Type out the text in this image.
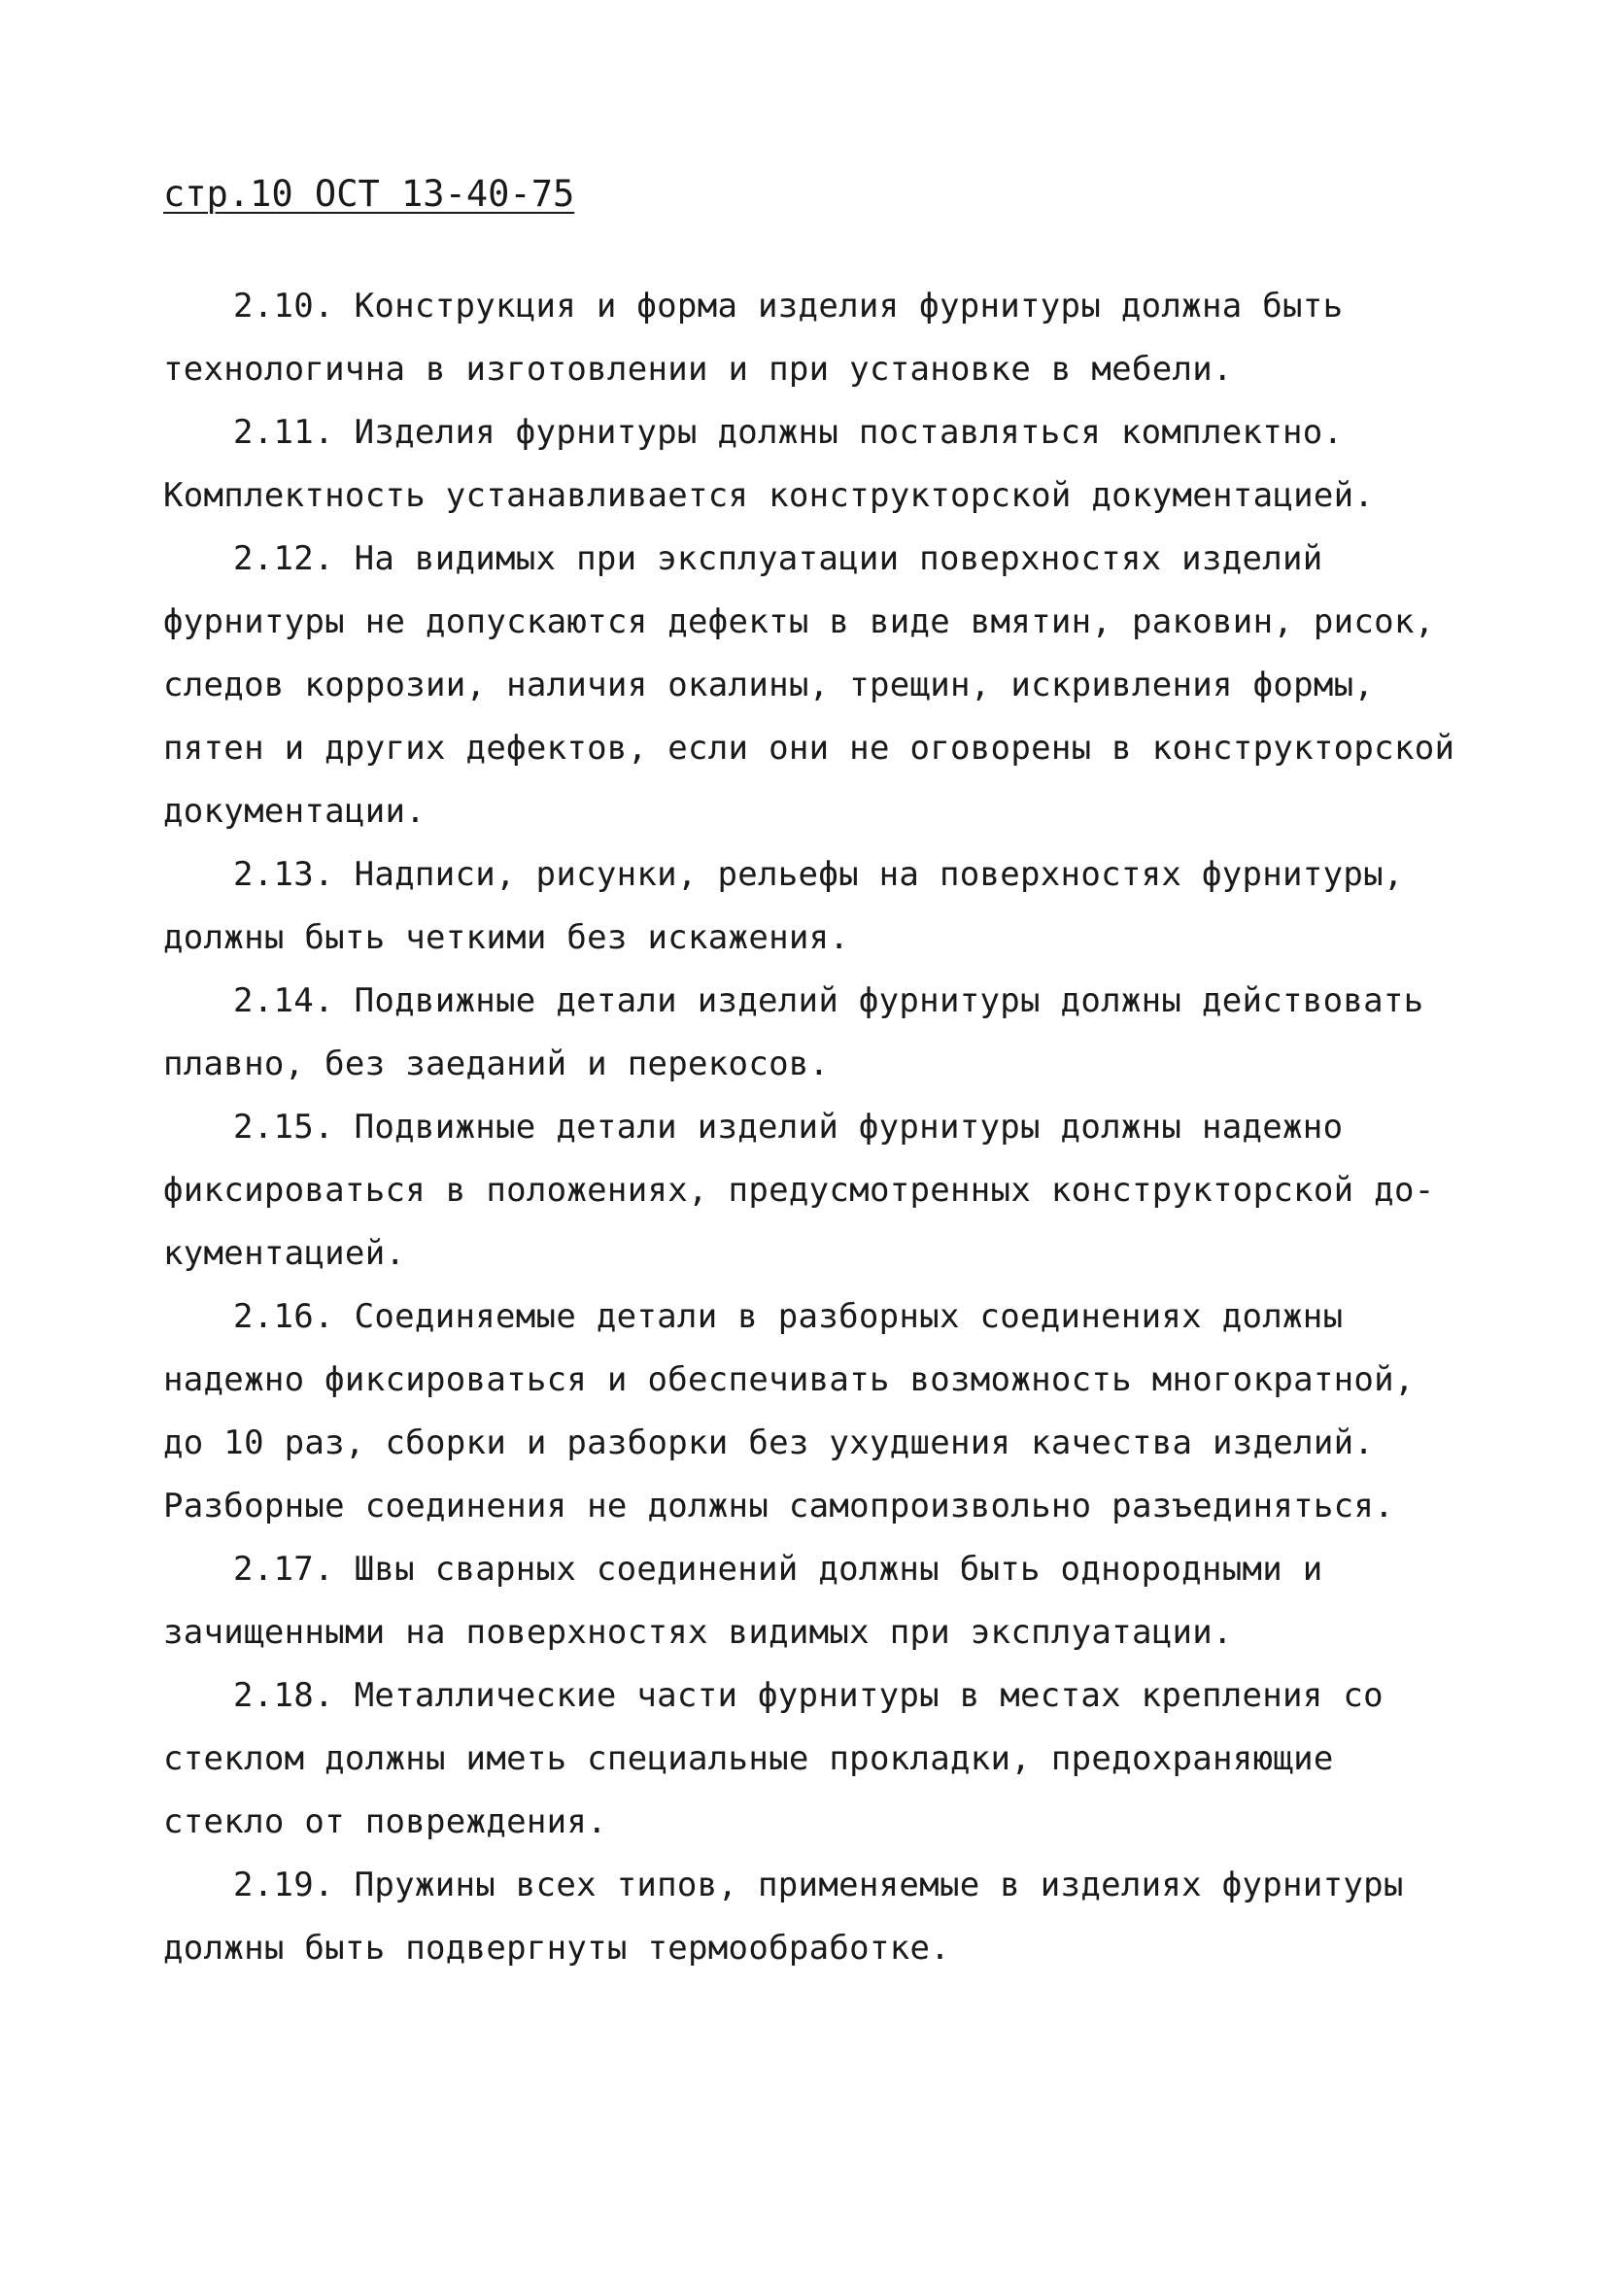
стр.10 ОСТ 13-40-75
2.10. Конструкция и форма изделия фурнитуры должна быть
технологична в изготовлении и при установке в мебели.
2.11. Изделия фурнитуры должны поставляться комплектно.
Комплектность устанавливается конструкторской документацией.
2.12. На видимых при эксплуатации поверхностях изделий
фурнитуры не допускаются дефекты в виде вмятин, раковин, рисок,
следов коррозии, наличия окалины, трещин, искривления формы,
пятен и других дефектов, если они не оговорены в конструкторской
документации.
2.13. Надписи, рисунки, рельефы на поверхностях фурнитуры,
должны быть четкими без искажения.
2.14. Подвижные детали изделий фурнитуры должны действовать
плавно, без заеданий и перекосов.
2.15. Подвижные детали изделий фурнитуры должны надежно
фиксироваться в положениях, предусмотренных конструкторской до-
кументацией.
2.16. Соединяемые детали в разборных соединениях должны
надежно фиксироваться и обеспечивать возможность многократной,
до 10 раз, сборки и разборки без ухудшения качества изделий.
Разборные соединения не должны самопроизвольно разъединяться.
2.17. Швы сварных соединений должны быть однородными и
зачищенными на поверхностях видимых при эксплуатации.
2.18. Металлические части фурнитуры в местах крепления со
стеклом должны иметь специальные прокладки, предохраняющие
стекло от повреждения.
2.19. Пружины всех типов, применяемые в изделиях фурнитуры
должны быть подвергнуты термообработке.
